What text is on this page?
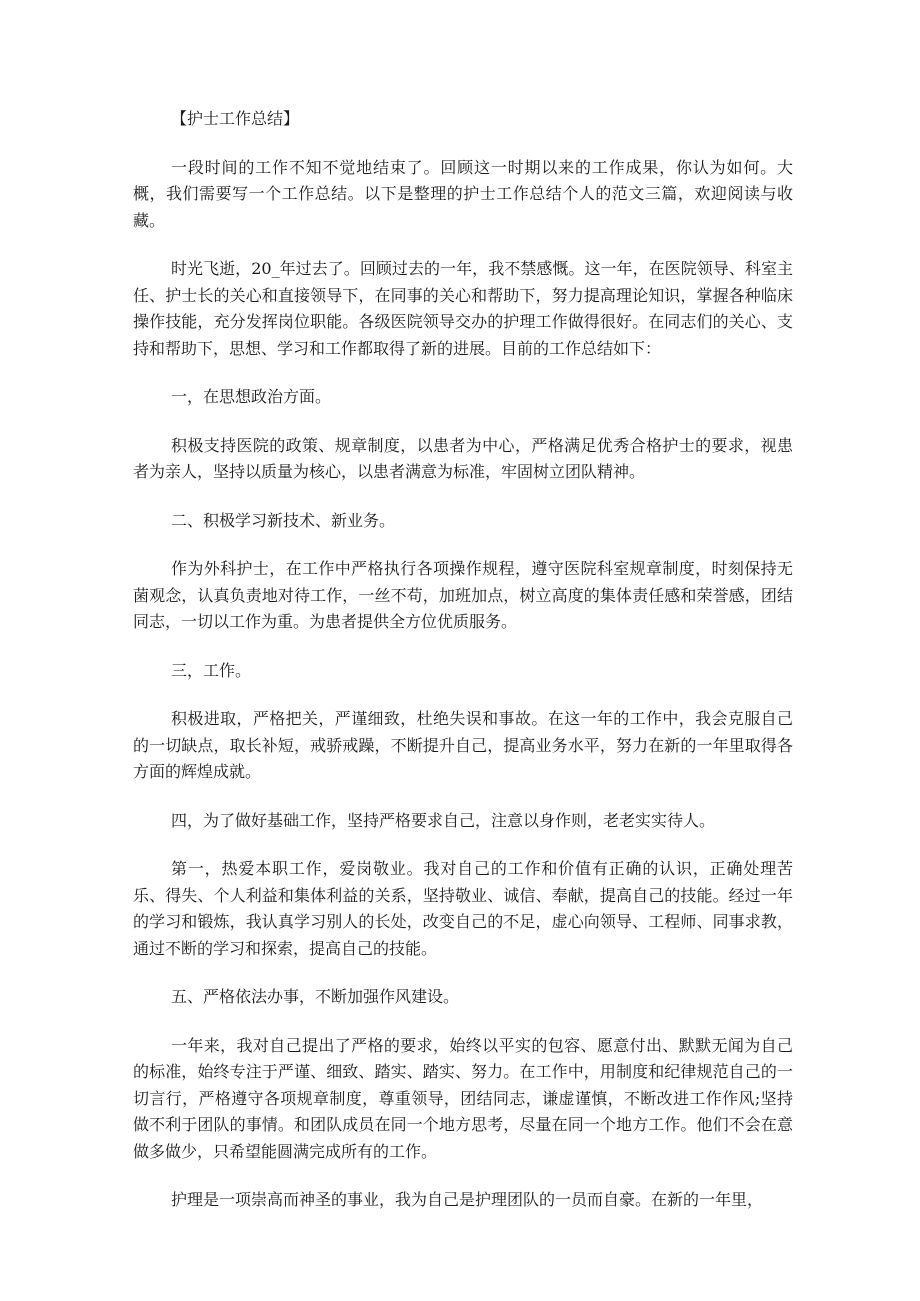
【护士工作总结】

一段时间的工作不知不觉地结束了。回顾这一时期以来的工作成果，你认为如何。大概，我们需要写一个工作总结。以下是整理的护士工作总结个人的范文三篇，欢迎阅读与收藏。

时光飞逝，20_年过去了。回顾过去的一年，我不禁感慨。这一年，在医院领导、科室主任、护士长的关心和直接领导下，在同事的关心和帮助下，努力提高理论知识，掌握各种临床操作技能，充分发挥岗位职能。各级医院领导交办的护理工作做得很好。在同志们的关心、支持和帮助下，思想、学习和工作都取得了新的进展。目前的工作总结如下：

一，在思想政治方面。

积极支持医院的政策、规章制度，以患者为中心，严格满足优秀合格护士的要求，视患者为亲人，坚持以质量为核心，以患者满意为标准，牢固树立团队精神。

二、积极学习新技术、新业务。

作为外科护士，在工作中严格执行各项操作规程，遵守医院科室规章制度，时刻保持无菌观念，认真负责地对待工作，一丝不苟，加班加点，树立高度的集体责任感和荣誉感，团结同志，一切以工作为重。为患者提供全方位优质服务。

三，工作。

积极进取，严格把关，严谨细致，杜绝失误和事故。在这一年的工作中，我会克服自己的一切缺点，取长补短，戒骄戒躁，不断提升自己，提高业务水平，努力在新的一年里取得各方面的辉煌成就。

四，为了做好基础工作，坚持严格要求自己，注意以身作则，老老实实待人。

第一，热爱本职工作，爱岗敬业。我对自己的工作和价值有正确的认识，正确处理苦乐、得失、个人利益和集体利益的关系，坚持敬业、诚信、奉献，提高自己的技能。经过一年的学习和锻炼，我认真学习别人的长处，改变自己的不足，虚心向领导、工程师、同事求教，通过不断的学习和探索，提高自己的技能。

五、严格依法办事，不断加强作风建设。

一年来，我对自己提出了严格的要求，始终以平实的包容、愿意付出、默默无闻为自己的标准，始终专注于严谨、细致、踏实、踏实、努力。在工作中，用制度和纪律规范自己的一切言行，严格遵守各项规章制度，尊重领导，团结同志，谦虚谨慎，不断改进工作作风;坚持做不利于团队的事情。和团队成员在同一个地方思考，尽量在同一个地方工作。他们不会在意做多做少，只希望能圆满完成所有的工作。

护理是一项崇高而神圣的事业，我为自己是护理团队的一员而自豪。在新的一年里，
